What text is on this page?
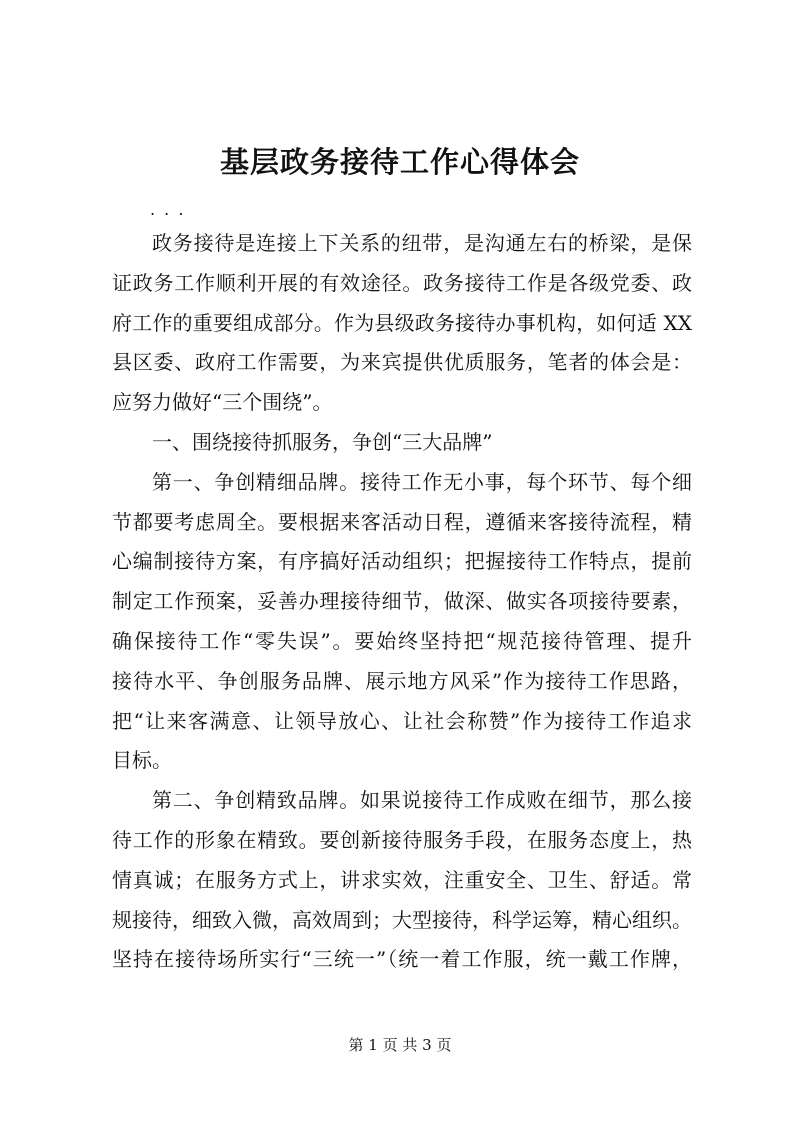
基层政务接待工作心得体会
. . .

政务接待是连接上下关系的纽带，是沟通左右的桥梁，是保
证政务工作顺利开展的有效途径。政务接待工作是各级党委、政
府工作的重要组成部分。作为县级政务接待办事机构，如何适 XX
县区委、政府工作需要，为来宾提供优质服务，笔者的体会是：
应努力做好“三个围绕”。

一、围绕接待抓服务，争创“三大品牌”

第一、争创精细品牌。接待工作无小事，每个环节、每个细
节都要考虑周全。要根据来客活动日程，遵循来客接待流程，精
心编制接待方案，有序搞好活动组织；把握接待工作特点，提前
制定工作预案，妥善办理接待细节，做深、做实各项接待要素，
确保接待工作“零失误”。要始终坚持把“规范接待管理、提升
接待水平、争创服务品牌、展示地方风采”作为接待工作思路，
把“让来客满意、让领导放心、让社会称赞”作为接待工作追求
目标。

第二、争创精致品牌。如果说接待工作成败在细节，那么接
待工作的形象在精致。要创新接待服务手段，在服务态度上，热
情真诚；在服务方式上，讲求实效，注重安全、卫生、舒适。常
规接待，细致入微，高效周到；大型接待，科学运筹，精心组织。
坚持在接待场所实行“三统一”（统一着工作服，统一戴工作牌，

第 1 页 共 3 页
